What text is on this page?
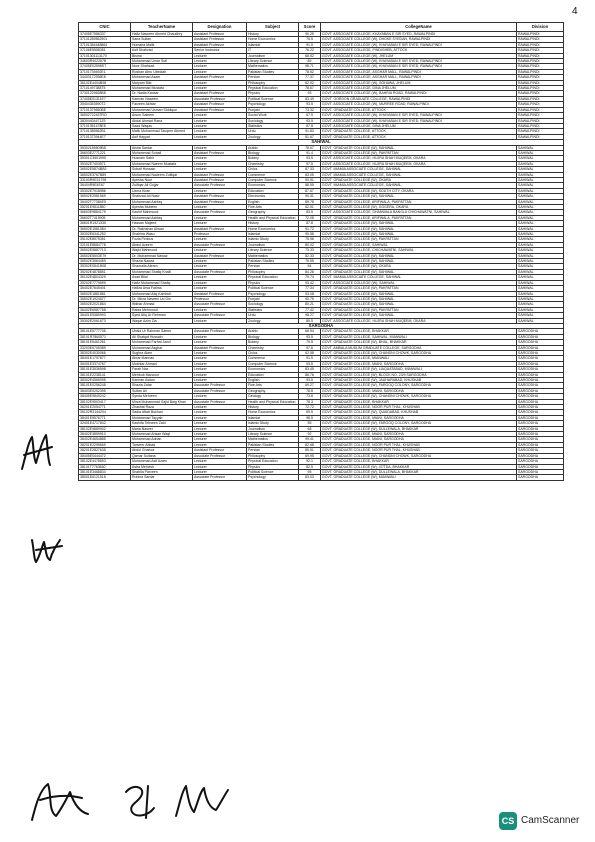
4
CNIC	TeacherName	Designation	Subject	Score	CollegeName	Division
37405E7586337	Hafiz Nasreen Ahmed Chaudhry	Assistant Professor	History	90.25	GOVT. ASSOCIATE COLLEGE, KHAYABAN E SIR SYED, RAWALPINDI	RAWALPINDI
37101289562901	Sana Sultan	Assistant Professor	Home Economics	75.5	GOVT. ASSOCIATE COLLEGE (W), DHOKE SYEDAN, RAWALPINDI	RAWALPINDI
37101354448864	Humaira Malik	Assistant Professor	Islamiat	91.5	GOVT. ASSOCIATE COLLEGE (W), KHAYABAN E SIR SYED, RAWALPINDI	RAWALPINDI
37106E5558351	Asif Shahzad	Senior Instructor	IT	76.22	GOVT. ASSOCIATE COLLEGE, PINDIGHEB, ATTOCK	RAWALPINDI
37101301113170	Bisma	Lecturer	Journalism	68.52	GOVT. ASSOCIATE COLLEGE (W), JHELUM	RAWALPINDI
34603R402267B	Muhammad Umar Sufi	Lecturer	Library Science	89	GOVT. ASSOCIATE COLLEGE (W), KHAYABAN E SIR SYED, RAWALPINDI	RAWALPINDI
37405E02598ST	Noor Shahzad	Lecturer	Mathematics	98.71	GOVT. ASSOCIATE COLLEGE (W), KHAYABAN E SIR SYED, RAWALPINDI	RAWALPINDI
37101739492E1	Roshan Abru Ubeidah	Lecturer	Pakistan Studies	78.52	GOVT. ASSOCIATE COLLEGE, ASGHAR MALL, RAWALPINDI	RAWALPINDI
34403172936E8	Muhammad Asam	Assistant Professor	Persian	77.37	GOVT. ASSOCIATE COLLEGE, ASGHAR MALL, RAWALPINDI	RAWALPINDI
36102E4404B08	Maryam Bibi	Lecturer	Philosophy	62.52	GOVT. ASSOCIATE COLLEGE (W), SOHAWA, JHELUM	RAWALPINDI
37101497388T5	Muhammad Mustafa	Lecturer	Physical Education	78.67	GOVT. ASSOCIATE COLLEGE, DINA JHELUM	RAWALPINDI
37301229628B8	Dr. Nadia Kausar	Assistant Professor	Physics	93	GOVT. ASSOCIATE COLLEGE (W), BAHRIA ROAD, RAWALPINDI	RAWALPINDI
37405E01311E7	Kamran Naseem	Associate Professor	Political Science	83.49	GOVT. GORDON GRADUATE COLLEGE, RAWALPINDI	RAWALPINDI
35404353590T2	Farzeen Akhtar	Assistant Professor	Psychology	93.5	GOVT. ASSOCIATE COLLEGE (W), MURREE ROAD, RAWALPINDI	RAWALPINDI
37101379650BE	Muhammad Usman Siddique	Assistant Professor	Punjabi	73.32	GOVT. GRADUATE COLLEGE, ATTOCK	RAWALPINDI
36502722437RO	Anum Saleem	Lecturer	Social Work	67.5	GOVT. ASSOCIATE COLLEGE (W), KHAYABAN E SIR SYED, RAWALPINDI	RAWALPINDI
38304404471Z9	Abdal Ahmad Rana	Lecturer	Sociology	93.5	GOVT. ASSOCIATE COLLEGE (W), KHAYABAN E SIR SYED, RAWALPINDI	RAWALPINDI
37101351478E5	Saad Waqas	Lecturer	Statistics	87.5	GOVT. ASSOCIATE COLLEGE, DINA JHELUM	RAWALPINDI
37101385562B1	Malik Muhammad Tauqeer Ahmed	Lecturer	Urdu	91.83	GOVT. GRADUATE COLLEGE, ATTOCK	RAWALPINDI
37101373944E7	Asif Hayyat	Lecturer	Zoology	81.67	GOVT. GRADUATE COLLEGE, ATTOCK	RAWALPINDI
SAHIWAL						
35302185509B8	Aisha Sardar	Lecturer	Arabic	78.67	GOVT. GRADUATE COLLEGE (W), SAHIWAL	SAHIWAL
36603E2771221	Muhammad Sohail	Assistant Professor	Biology	91.4	GOVT. GRADUATE COLLEGE (W), PAKPATTAN	SAHIWAL
35301C3501995	Husnain Sabir	Lecturer	Botany	93.5	GOVT. ASSOCIATE COLLEGE, HUJRA SHAH MUQEEM, OKARA	SAHIWAL
35302E7403571	Muhammad Naeem Mustafa	Lecturer	Chemistry	97.5	GOVT. ASSOCIATE COLLEGE, HUJRA SHAH MUQEEM, OKARA	SAHIWAL
36502E5874BB3	Sohail Hussain	Lecturer	Civics	87.33	GOVT. IMAMIA ASSOCIATE COLLEGE, SAHIWAL	SAHIWAL
36502E3767B89	Muhammad Nadeem Zulfiqar	Assistant Professor	Commerce	83.05	GOVT. IMAMIA ASSOCIATE COLLEGE, SAHIWAL	SAHIWAL
33100R9E31798	Ayesha Noor	Assistant Professor	Computer Science	90.91	GOVT. GRADUATE COLLEGE (W), OKARA	SAHIWAL
36404R9E4E67	Zulfiqar Ali Gujjar	Associate Professor	Economics	88.55	GOVT. IMAMIA ASSOCIATE COLLEGE, SAHIWAL	SAHIWAL
35302E7918986	Uzma Kiran	Lecturer	Education	87.67	GOVT. GRADUATE COLLEGE (W), SOUTH CITY, OKARA	SAHIWAL
36502E2581569	Shahzad Ali Nasir	Assistant Professor	Electronics	90.31	GOVT. GRADUATE COLLEGE (W), SAHIWAL	SAHIWAL
36402T77384E5	Muhammad Ashfaq	Assistant Professor	English	89.78	GOVT. GRADUATE COLLEGE, ARIFWALA, PAKPATTAN	SAHIWAL
35201E9811850	Ayesha Mubeen	Lecturer	Fine Arts	62.01	GOVT. GRADUATE COLLEGE (W), GOGERA, OKARA	SAHIWAL
36603E9884179	Kashif Mahmood	Associate Professor	Geography	83.5	GOVT. ASSOCIATE COLLEGE, DHANWALA BANGLA CHICHAWATNI, SAHIWAL	SAHIWAL
36602T7415905	Muhammad Ashfaq	Lecturer	Health and Physical Education	72.08	GOVT. GRADUATE COLLEGE, ARIFWALA, PAKPATTAN	SAHIWAL
36601R1921335	Hassan Majeed	Lecturer	History	87.8	GOVT. GRADUATE COLLEGE (W), SAHIWAL	SAHIWAL
36502E1581084	Dr. Rakhshan Ahsan	Assistant Professor	Home Economics	91.72	GOVT. GRADUATE COLLEGE (W), SAHIWAL	SAHIWAL
35302E6341252	Shahina Wasu	Professor	Islamiat	90.58	GOVT. GRADUATE COLLEGE (W), SAHIWAL	SAHIWAL
35102E8575351	Fozia Firdous	Lecturer	Islamic Study	75.96	GOVT. GRADUATE COLLEGE (W), PAKPATTAN	SAHIWAL
32101E8684778	Abdul Azeem	Associate Professor	Journalism	80.02	GOVT. GRADUATE COLLEGE, SAHIWAL	SAHIWAL
36502E5887713	Wajid Mahmood	Lecturer	Library Science	73.33	GOVT. GRADUATE COLLEGE, CHICHAWATNI, SAHIWAL	SAHIWAL
36502E5503E79	Dr. Muhammad Nawaz	Assistant Professor	Mathematics	82.33	GOVT. GRADUATE COLLEGE (W), SAHIWAL	SAHIWAL
36502E3564459	Shazia Nawaz	Lecturer	Pakistan Studies	76.55	GOVT. GRADUATE COLLEGE (W), SAHIWAL	SAHIWAL
35302E0841B08	Shamaila Akram	Lecturer	Persian	54	GOVT. GRADUATE COLLEGE (W), OKARA	SAHIWAL
35202E4878851	Muhammad Shafiq Khalil	Associate Professor	Philosophy	84.28	GOVT. GRADUATE COLLEGE (W), SAHIWAL	SAHIWAL
36102E4804329	Asad Bilal	Lecturer	Physical Education	79.74	GOVT. IMAMIA ASSOCIATE COLLEGE, SAHIWAL	SAHIWAL
35202E7779999	Hafiz Muhammad Shafiq	Lecturer	Physics	93.42	GOVT. ASSOCIATE COLLEGE (W), SAHIWAL	SAHIWAL
36402E7645401	Hafiza Arsa Fatima	Lecturer	Political Science	77.34	GOVT. GRADUATE COLLEGE (W), PAKPATTAN	SAHIWAL
36502E1881881	Muhammad Atiq Kamboh	Assistant Professor	Psychology	93.08	GOVT. GRADUATE COLLEGE (W), SAHIWAL	SAHIWAL
36502E1924577	Dr. Mirza Naveen Ud Din	Professor	Punjabi	90.75	GOVT. GRADUATE COLLEGE (W), SAHIWAL	SAHIWAL
36502E2021864	Iftikhar Ahmad	Associate Professor	Sociology	80.21	GOVT. GRADUATE COLLEGE (W), SAHIWAL	SAHIWAL
36402E6587758	Rabia Mehmood	Lecturer	Statistics	77.42	GOVT. GRADUATE COLLEGE (W), PAKPATTAN	SAHIWAL
36401E5380993	Syed Atiq Ur Rehman	Associate Professor	Urdu	98.27	GOVT. GRADUATE COLLEGE (W), SAHIWAL	SAHIWAL
35302E2061673	Waqar Azim Zia	Lecturer	Zoology	89.5	GOVT. ASSOCIATE COLLEGE, HUJRA SHAH MUQEEM, OKARA	SAHIWAL
SARGODHA						
38101E5777735	Ubaid Ur Rahman Samer	Associate Professor	Arabic	66.54	GOVT. GRADUATE COLLEGE, BHAKKAR	SARGODHA
38101R7860571	Ali Shafqat Hussain	Lecturer	Biology	93.5	GOVT. GRADUATE COLLEGE, SAHIWAL, MIANWALI	SARGODHA
38101E5461261	Muhammad Farhat Jamil	Lecturer	Botany	79.5	GOVT. GRADUATE COLLEGE (W), BHAL, BHAKKAR	SARGODHA
33203E6705389	Muhammad Asghar	Assistant Professor	Chemistry	97.6	GOVT. AMBALA MUSLIM GRADUATE COLLEGE, SARGODHA	SARGODHA
38302E4030066	Sughra Alam	Lecturer	Civics	62.58	GOVT. GRADUATE COLLEGE (W), CHANDNI CHOWK, SARGODHA	SARGODHA
38401E1797877	Abrar Mannan	Lecturer	Commerce	91.5	GOVT. GRADUATE COLLEGE, MIANWALI	SARGODHA
36401E3374767	Mukhtar Ahmad	Lecturer	Computer Science	93.5	GOVT. GRADUATE COLLEGE, MIANI, SARGODHA	SARGODHA
38101E3536598	Farah Naz	Lecturer	Economics	83.45	GOVT. GRADUATE COLLEGE (W), LIAQUATABAD, MIANWALI	SARGODHA
38101E2238141	Mehbub Manzoor	Lecturer	Education	86.76	GOVT. GRADUATE COLLEGE (W), BLOCK NO. 23/9 SARGODHA	SARGODHA
38302E4565095	Kamran Aslam	Lecturer	English	93.5	GOVT. GRADUATE COLLEGE (W), JAUHARABAD, KHUSHAB	SARGODHA
38101E0256248	Shazia Zafar	Associate Professor	Fine Arts	69.27	GOVT. GRADUATE COLLEGE (W), FAROOQ COLONY, SARGODHA	SARGODHA
38403E0252395	Sultan Ali	Associate Professor	Geography	78.8	GOVT. GRADUATE COLLEGE, MIANI, SARGODHA	SARGODHA
38405E9849242	Syeda Mehreen	Lecturer	Geology	73.8	GOVT. GRADUATE COLLEGE (W), CHANDNI CHOWK, SARGODHA	SARGODHA
38102E9503417	Mirza Muhammad Sajid Baig Khan	Associate Professor	Health and Physical Education	78.3	GOVT. GRADUATE COLLEGE, BHAKKAR	SARGODHA
36201E2054771	Zhashat Raza	Lecturer	History	72.72	GOVT. GRADUATE COLLEGE, NOOR PUR THAL, KHUSHAB	SARGODHA
36102R3144204	Sadia Aftab Bukhari	Lecturer	Home Economics	69.5	GOVT. GRADUATE COLLEGE (W), QUAIDABAD, KHUSHAB	SARGODHA
38401E5576771	Muhammad Tayyab	Lecturer	Islamiat	98.5	GOVT. GRADUATE COLLEGE, MIANI, SARGODHA	SARGODHA
32401E4717842	Kashifa Tehseen Zaid	Lecturer	Islamic Study	55	GOVT. GRADUATE COLLEGE (W), FAROOQ COLONY, SARGODHA	SARGODHA
38102E9889902	Maria Naseer	Lecturer	Journalism	68	GOVT. GRADUATE COLLEGE (W), DULLEWALA, BHAKKAR	SARGODHA
38402E3859910	Muhammad Ahsan Waqt	Lecturer	Library Science	92	GOVT. GRADUATE COLLEGE, MIANI, SARGODHA	SARGODHA
38402E4654885	Muhammad Adnan	Lecturer	Mathematics	99.41	GOVT. GRADUATE COLLEGE, MIANI, SARGODHA	SARGODHA
38201E2295669	Tanveer Abbas	Lecturer	Pakistan Studies	82.68	GOVT. GRADUATE COLLEGE, NOOR PUR THAL, KHUSHAB	SARGODHA
38201E2827635	Abdul Ghafoor	Assistant Professor	Persian	85.51	GOVT. GRADUATE COLLEGE, NOOR PUR THAL, KHUSHAB	SARGODHA
38405E0444472	Qamar Sultana	Associate Professor	Philosophy	69.95	GOVT. GRADUATE COLLEGE (W), CHANDNI CHOWK, SARGODHA	SARGODHA
38102E4478893	Muhammad Asif Azam	Lecturer	Physical Education	92.1	GOVT. GRADUATE COLLEGE, BHAKKAR	SARGODHA
38101T7763640	Asba Mehvish	Lecturer	Physics	82.5	GOVT. GRADUATE COLLEGE (W), 47/TDA, BHAKKAR	SARGODHA
38101E3468834	Shabila Parveen	Lecturer	Political Science	95	GOVT. GRADUATE COLLEGE (W), DULLEWALA, BHAKKAR	SARGODHA
38001E6121518	Rubina Sardar	Associate Professor	Psychology	83.03	GOVT. GRADUATE COLLEGE (W), MIANWALI	SARGODHA
CS CamScanner
